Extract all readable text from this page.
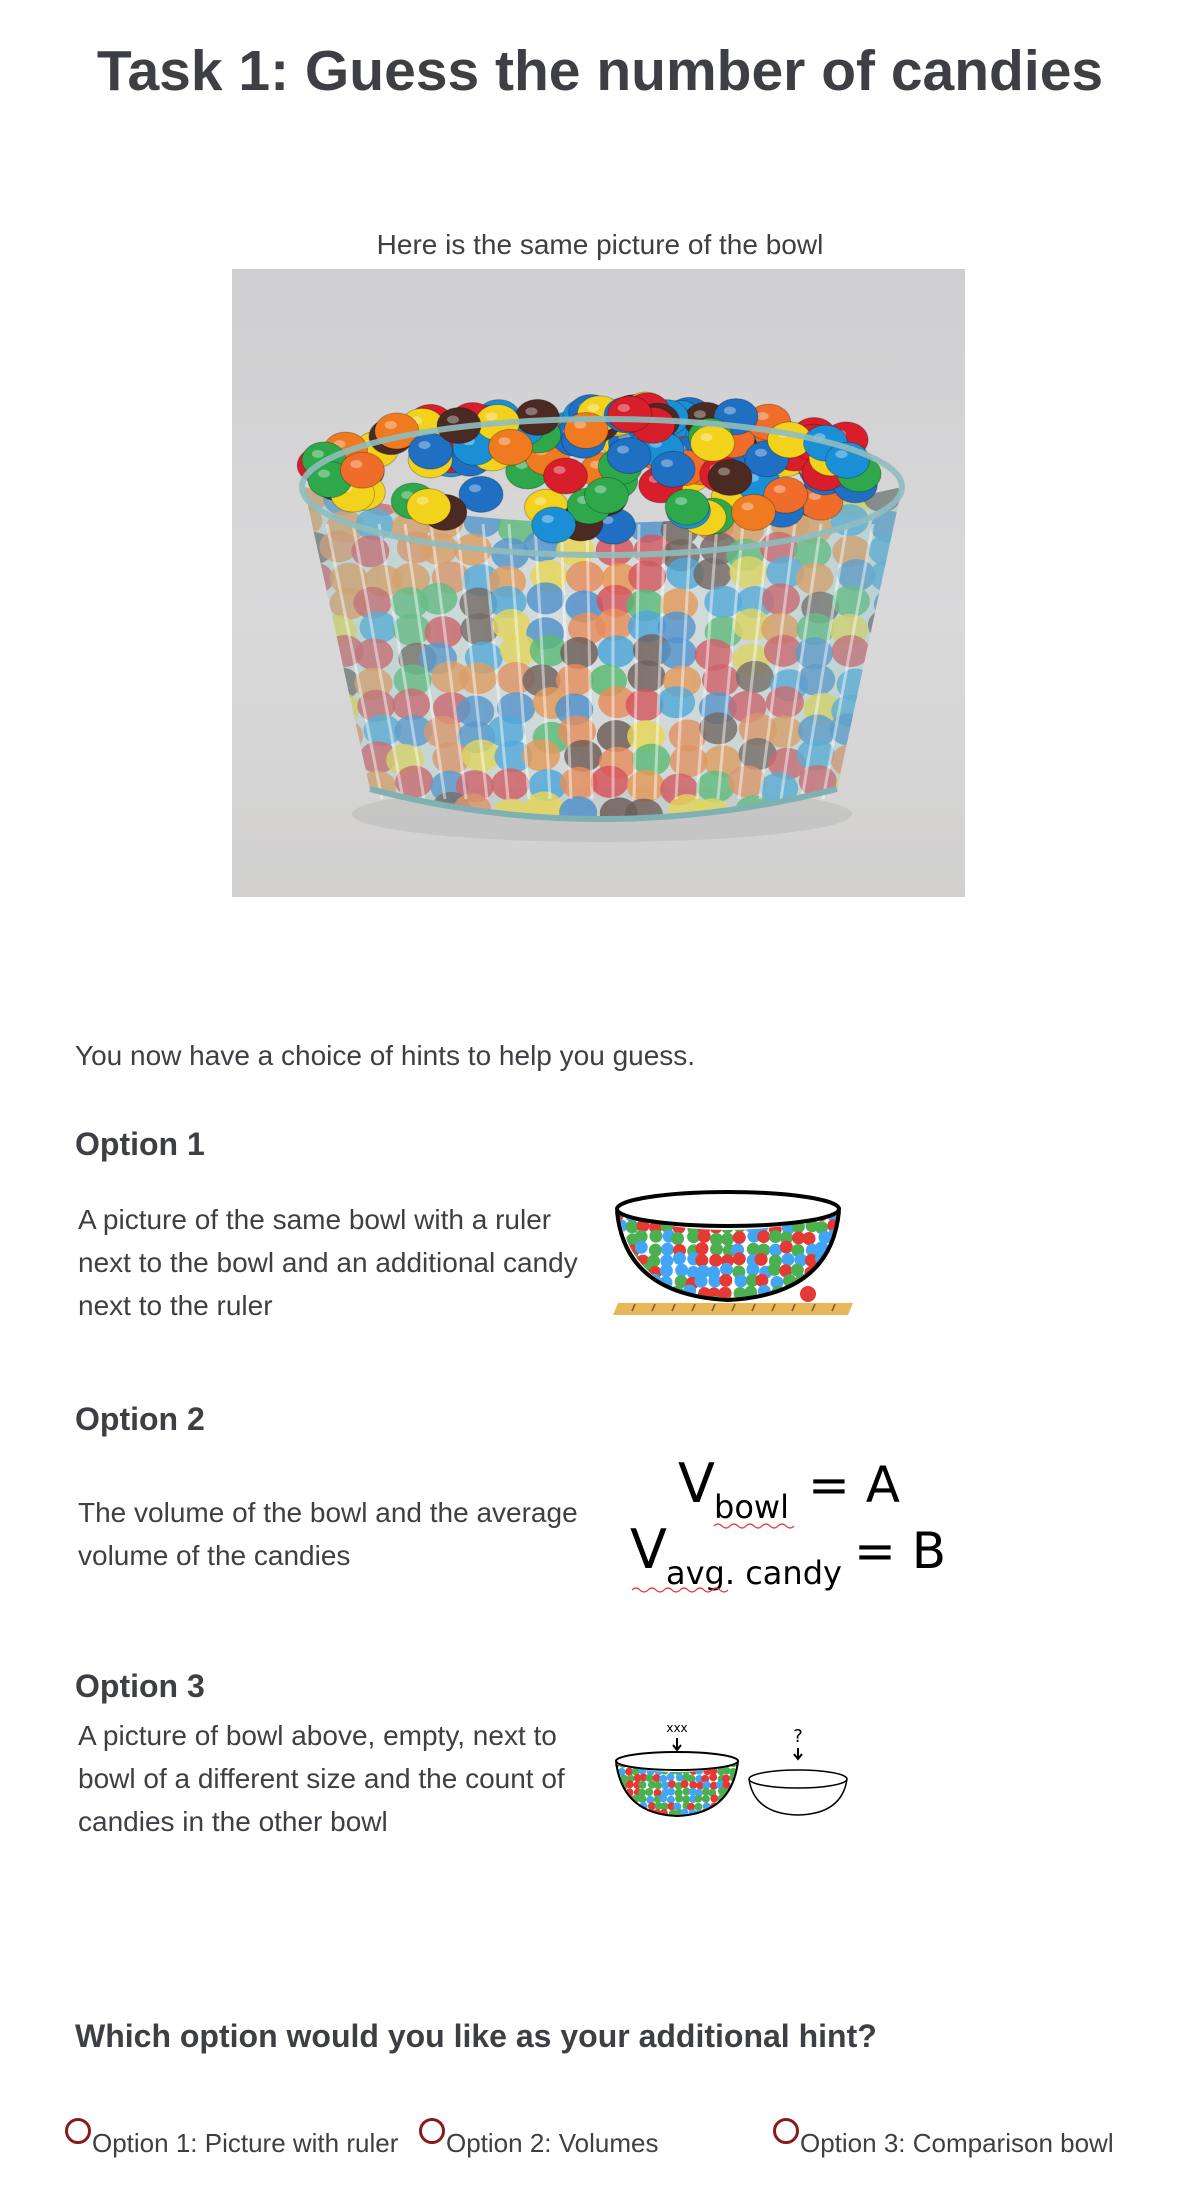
Task 1: Guess the number of candies
Here is the same picture of the bowl
You now have a choice of hints to help you guess.
Option 1

A picture of the same bowl with a ruler next to the bowl and an additional candy next to the ruler

Option 2

The volume of the bowl and the average volume of the candies

V bowl = A
V avg. candy = B
Option 3

A picture of bowl above, empty, next to bowl of a different size and the count of candies in the other bowl

xxx	?
Which option would you like as your additional hint?
Option 1: Picture with ruler Option 2: Volumes	Option 3: Comparison bowl
